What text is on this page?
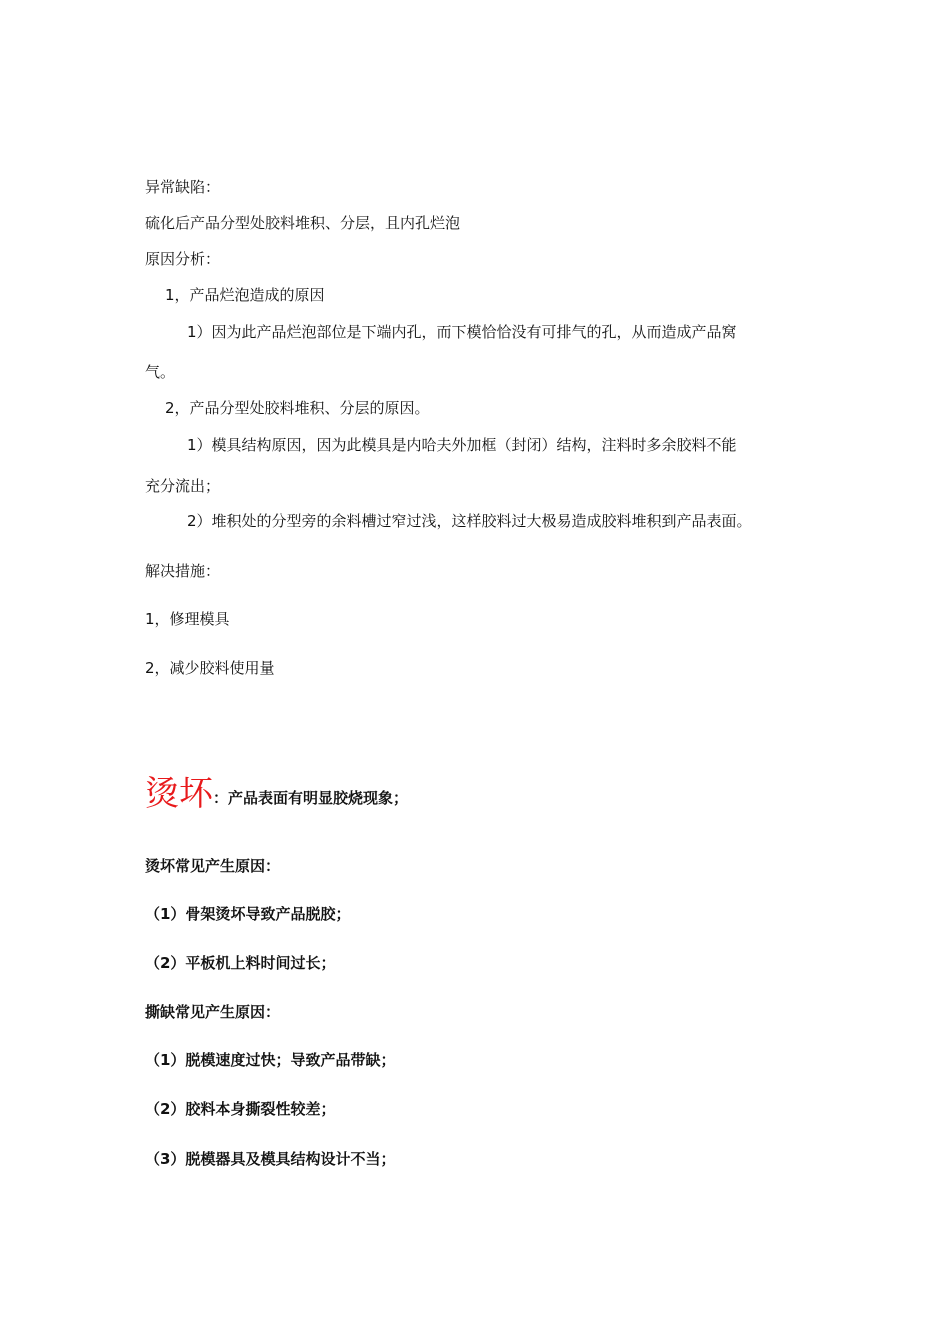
异常缺陷：
硫化后产品分型处胶料堆积、分层，且内孔烂泡
原因分析：
1，产品烂泡造成的原因
1）因为此产品烂泡部位是下端内孔，而下模恰恰没有可排气的孔，从而造成产品窝
气。
2，产品分型处胶料堆积、分层的原因。
1）模具结构原因，因为此模具是内哈夫外加框（封闭）结构，注料时多余胶料不能
充分流出；
2）堆积处的分型旁的余料槽过窄过浅，这样胶料过大极易造成胶料堆积到产品表面。
解决措施：
1，修理模具
2，减少胶料使用量
烫坏：产品表面有明显胶烧现象；
烫坏常见产生原因：
（1）骨架烫坏导致产品脱胶；
（2）平板机上料时间过长；
撕缺常见产生原因：
（1）脱模速度过快；导致产品带缺；
（2）胶料本身撕裂性较差；
（3）脱模器具及模具结构设计不当；
